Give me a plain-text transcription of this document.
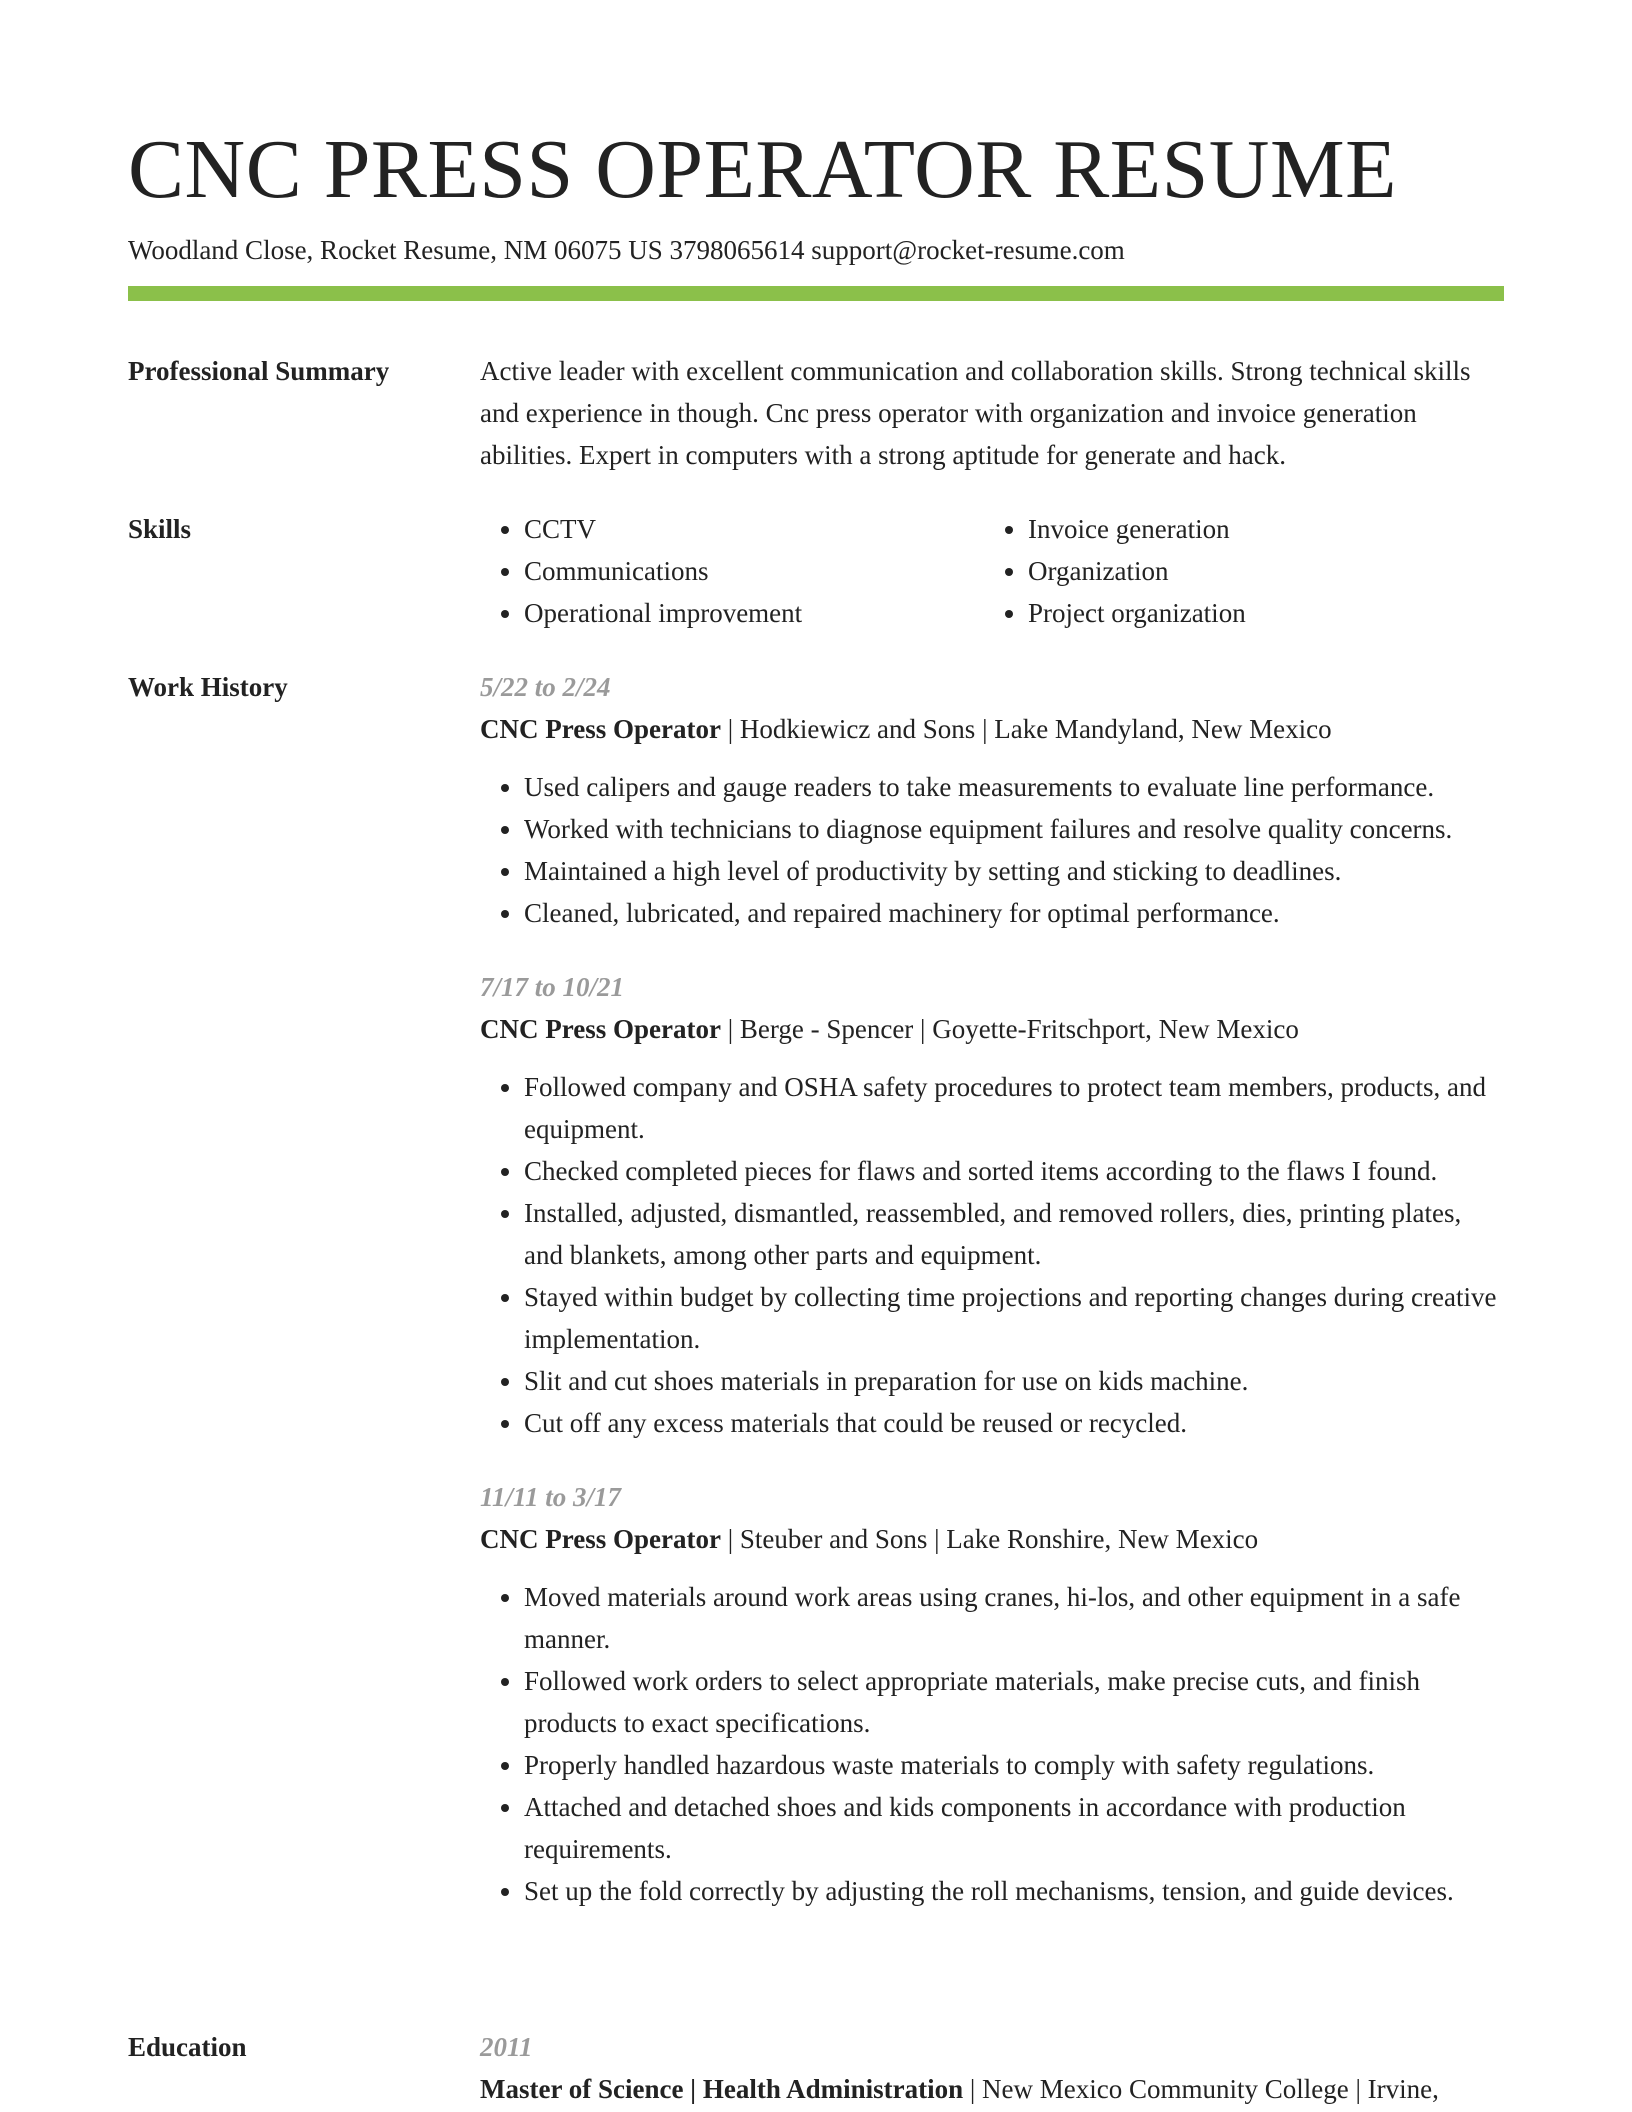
CNC PRESS OPERATOR RESUME
Woodland Close, Rocket Resume, NM 06075 US 3798065614 support@rocket-resume.com
Professional Summary	Active leader with excellent communication and collaboration skills. Strong technical skills and experience in though. Cnc press operator with organization and invoice generation abilities. Expert in computers with a strong aptitude for generate and hack.

Skills
•	CCTV
• Communications
• Operational improvement
• Invoice generation
• Organization
• Project organization
Work History	5/22 to 2/24
CNC Press Operator | Hodkiewicz and Sons | Lake Mandyland, New Mexico
• Used calipers and gauge readers to take measurements to evaluate line performance.
• Worked with technicians to diagnose equipment failures and resolve quality concerns.
• Maintained a high level of productivity by setting and sticking to deadlines.
• Cleaned, lubricated, and repaired machinery for optimal performance.
7/17 to 10/21
CNC Press Operator | Berge - Spencer | Goyette-Fritschport, New Mexico
• Followed company and OSHA safety procedures to protect team members, products, and equipment.
• Checked completed pieces for flaws and sorted items according to the flaws I found.
• Installed, adjusted, dismantled, reassembled, and removed rollers, dies, printing plates, and blankets, among other parts and equipment.
• Stayed within budget by collecting time projections and reporting changes during creative implementation.
• Slit and cut shoes materials in preparation for use on kids machine.
• Cut off any excess materials that could be reused or recycled.
11/11 to 3/17
CNC Press Operator | Steuber and Sons | Lake Ronshire, New Mexico
• Moved materials around work areas using cranes, hi-los, and other equipment in a safe manner.
• Followed work orders to select appropriate materials, make precise cuts, and finish products to exact specifications.
• Properly handled hazardous waste materials to comply with safety regulations.
• Attached and detached shoes and kids components in accordance with production requirements.
• Set up the fold correctly by adjusting the roll mechanisms, tension, and guide devices.
Education	2011
Master of Science | Health Administration | New Mexico Community College | Irvine,
